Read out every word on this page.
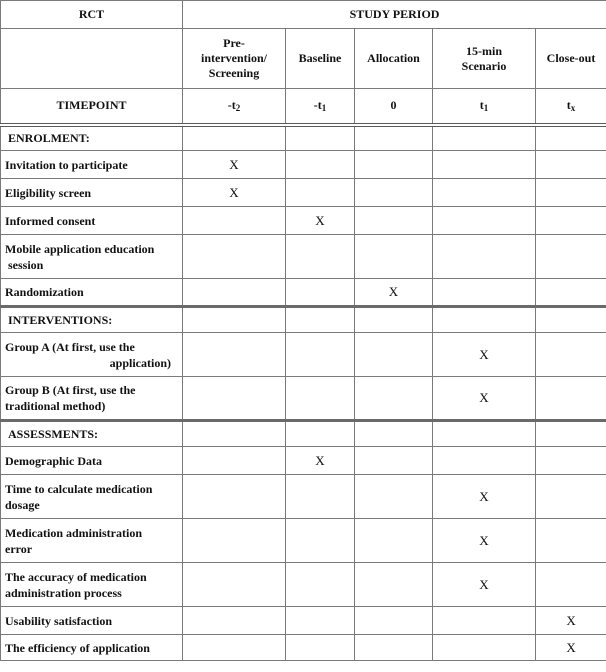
RCT	STUDY PERIOD				
	Pre-
intervention/
Screening	Baseline	Allocation	15-min
Scenario	Close-out
TIMEPOINT	$-t_2$	$-t_1$	0	$t_1$	$t_x$
ENROLMENT:					
Invitation to participate	X				
Eligibility screen	X				
Informed consent		X			
Mobile application education
session					

Randomization			X		
INTERVENTIONS:					
Group A (At first, use the
application)				X	
Group B (At first, use the
traditional method)				X	
ASSESSMENTS:					
Demographic Data		X			
Time to calculate medication
dosage				X	
Medication administration
error				X	
The accuracy of medication
administration process				X	
Usability satisfaction					X
The efficiency of application					X
